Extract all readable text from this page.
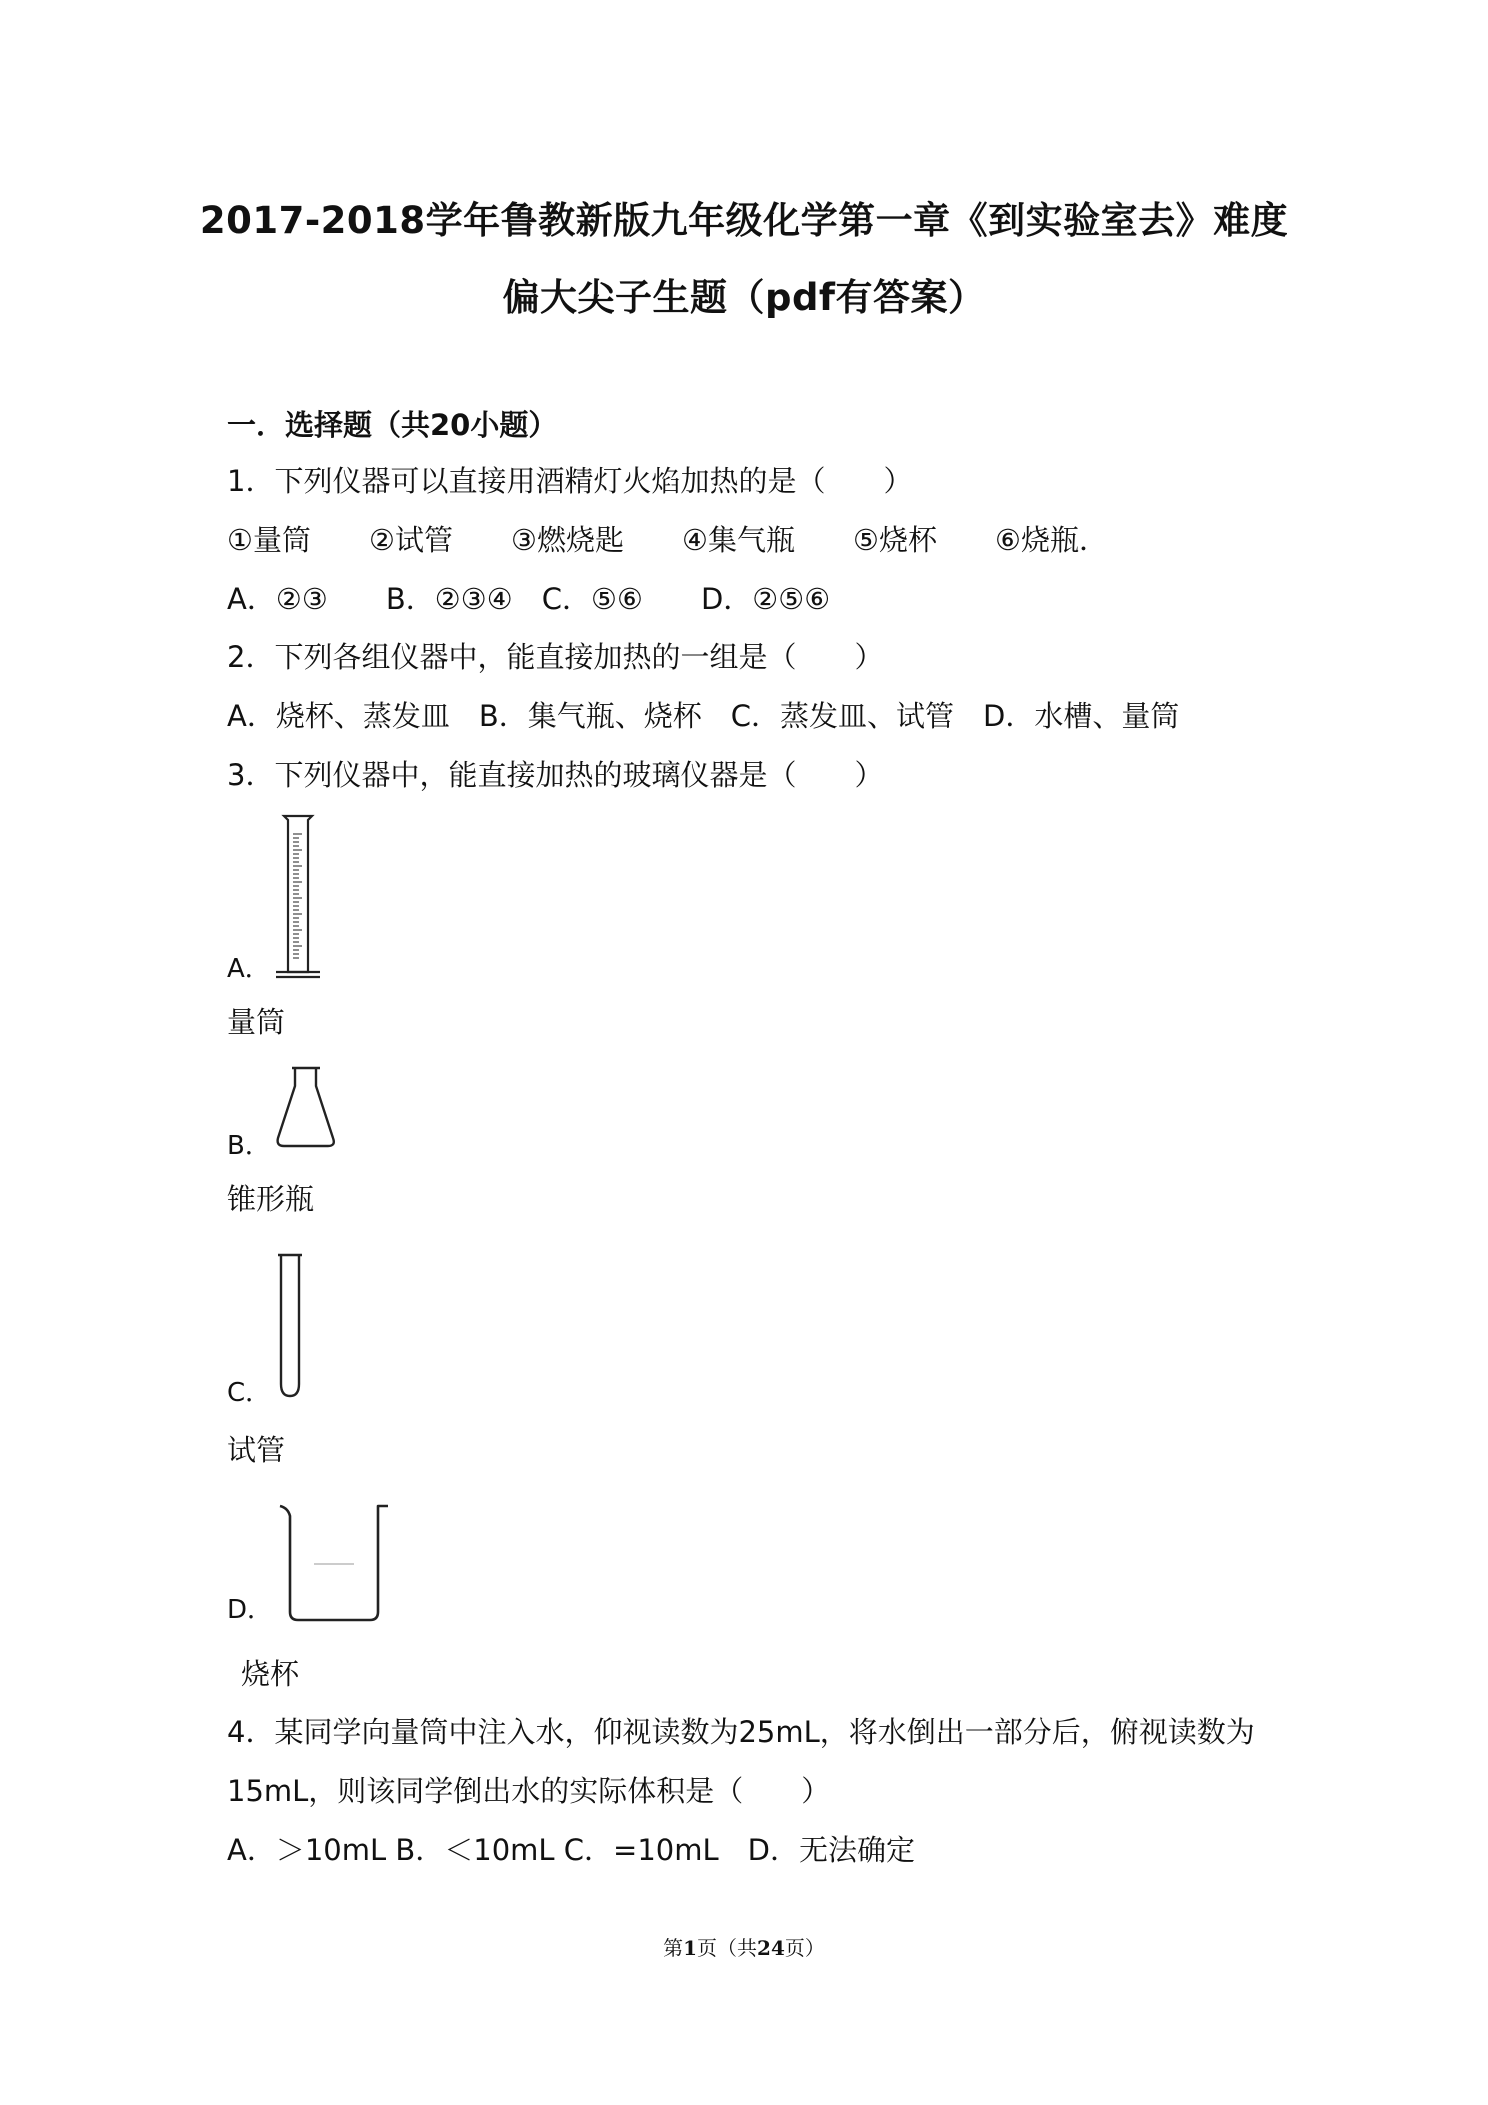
2017-2018学年鲁教新版九年级化学第一章《到实验室去》难度
偏大尖子生题（pdf有答案）
一．选择题（共20小题）
1．下列仪器可以直接用酒精灯火焰加热的是（　　）
①量筒　　②试管　　③燃烧匙　　④集气瓶　　⑤烧杯　　⑥烧瓶．
A．②③　　B．②③④　C．⑤⑥　　D．②⑤⑥
2．下列各组仪器中，能直接加热的一组是（　　）
A．烧杯、蒸发皿　B．集气瓶、烧杯　C．蒸发皿、试管　D．水槽、量筒
3．下列仪器中，能直接加热的玻璃仪器是（　　）
A．
量筒
B．
锥形瓶
C．
试管
D．
烧杯
4．某同学向量筒中注入水，仰视读数为25mL，将水倒出一部分后，俯视读数为
15mL，则该同学倒出水的实际体积是（　　）
A．＞10mL B．＜10mL C．=10mL　D．无法确定
第1页（共24页）
